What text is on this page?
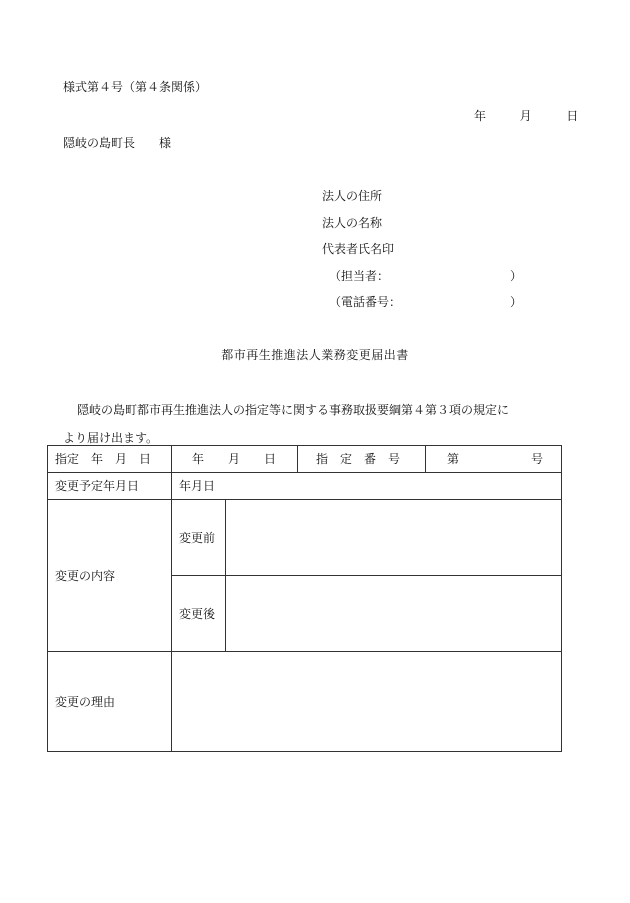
様式第４号（第４条関係）
年	月	日
隠岐の島町長　　様
法人の住所
法人の名称
代表者氏名印
（担当者：	）
（電話番号：	）
都市再生推進法人業務変更届出書
隠岐の島町都市再生推進法人の指定等に関する事務取扱要綱第４第３項の規定に
より届け出ます。
指定　年　月　日	年　　月　　日		指　定　番　号	第　　　　　　号
変更予定年月日	年月日			
変更の内容	変更前			
	変更後			
変更の理由				
